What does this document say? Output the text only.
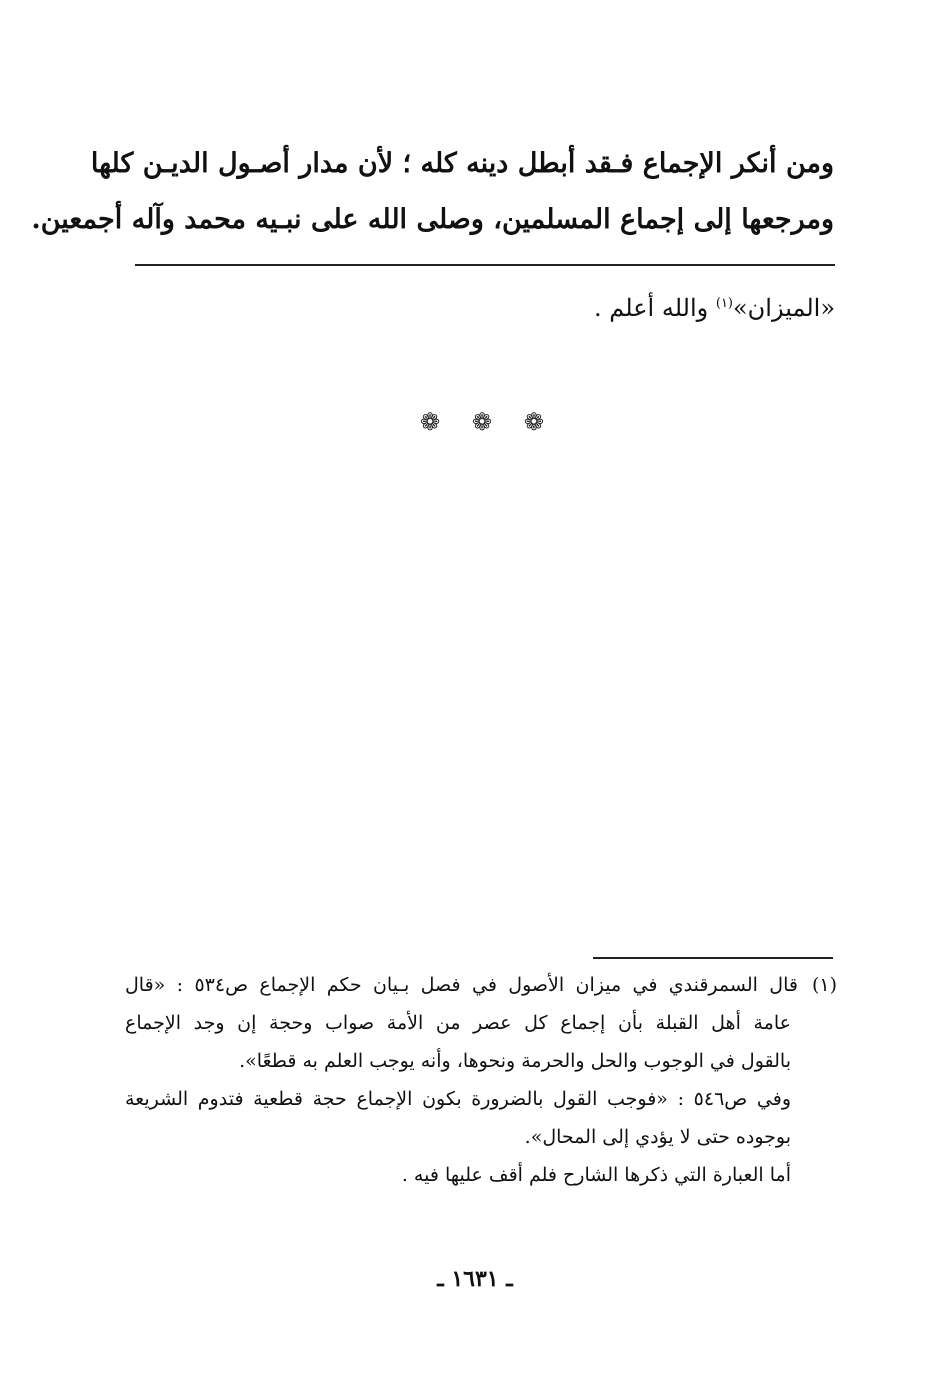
ومن أنكر الإجماع فـقد أبطل دينه كله ؛ لأن مدار أصـول الديـن كلها
ومرجعها إلى إجماع المسلمين، وصلى الله على نبـيه محمد وآله أجمعين.
«الميزان»$^{(١)}$ والله أعلم .
❁ ❁ ❁
(١)قال السمرقندي في ميزان الأصول في فصل بـيان حكم الإجماع ص٥٣٤ : «قال
عامة أهل القبلة بأن إجماع كل عصر من الأمة صواب وحجة إن وجد الإجماع
بالقول في الوجوب والحل والحرمة ونحوها، وأنه يوجب العلم به قطعًا».
وفي ص٥٤٦ : «فوجب القول بالضرورة بكون الإجماع حجة قطعية فتدوم الشريعة
بوجوده حتى لا يؤدي إلى المحال».
أما العبارة التي ذكرها الشارح فلم أقف عليها فيه .
ـ ١٦٣١ ـ
